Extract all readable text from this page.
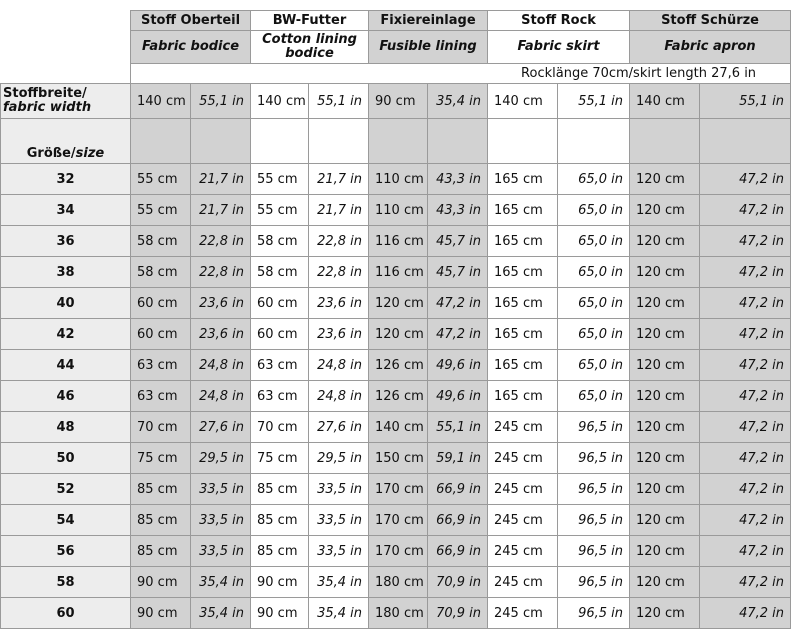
	Stoff Oberteil		BW-Futter		Fixiereinlage		Stoff Rock		Stoff Schürze	
	Fabric bodice		Cotton lining bodice		Fusible lining		Fabric skirt		Fabric apron	
							Rocklänge 70cm/skirt length 27,6 in			
Stoffbreite/
fabric width	140 cm	55,1 in	140 cm	55,1 in	90 cm	35,4 in	140 cm	55,1 in	140 cm	55,1 in
Größe/size										
32	55 cm	21,7 in	55 cm	21,7 in	110 cm	43,3 in	165 cm	65,0 in	120 cm	47,2 in
34	55 cm	21,7 in	55 cm	21,7 in	110 cm	43,3 in	165 cm	65,0 in	120 cm	47,2 in
36	58 cm	22,8 in	58 cm	22,8 in	116 cm	45,7 in	165 cm	65,0 in	120 cm	47,2 in
38	58 cm	22,8 in	58 cm	22,8 in	116 cm	45,7 in	165 cm	65,0 in	120 cm	47,2 in
40	60 cm	23,6 in	60 cm	23,6 in	120 cm	47,2 in	165 cm	65,0 in	120 cm	47,2 in
42	60 cm	23,6 in	60 cm	23,6 in	120 cm	47,2 in	165 cm	65,0 in	120 cm	47,2 in
44	63 cm	24,8 in	63 cm	24,8 in	126 cm	49,6 in	165 cm	65,0 in	120 cm	47,2 in
46	63 cm	24,8 in	63 cm	24,8 in	126 cm	49,6 in	165 cm	65,0 in	120 cm	47,2 in
48	70 cm	27,6 in	70 cm	27,6 in	140 cm	55,1 in	245 cm	96,5 in	120 cm	47,2 in
50	75 cm	29,5 in	75 cm	29,5 in	150 cm	59,1 in	245 cm	96,5 in	120 cm	47,2 in
52	85 cm	33,5 in	85 cm	33,5 in	170 cm	66,9 in	245 cm	96,5 in	120 cm	47,2 in
54	85 cm	33,5 in	85 cm	33,5 in	170 cm	66,9 in	245 cm	96,5 in	120 cm	47,2 in
56	85 cm	33,5 in	85 cm	33,5 in	170 cm	66,9 in	245 cm	96,5 in	120 cm	47,2 in
58	90 cm	35,4 in	90 cm	35,4 in	180 cm	70,9 in	245 cm	96,5 in	120 cm	47,2 in
60	90 cm	35,4 in	90 cm	35,4 in	180 cm	70,9 in	245 cm	96,5 in	120 cm	47,2 in
